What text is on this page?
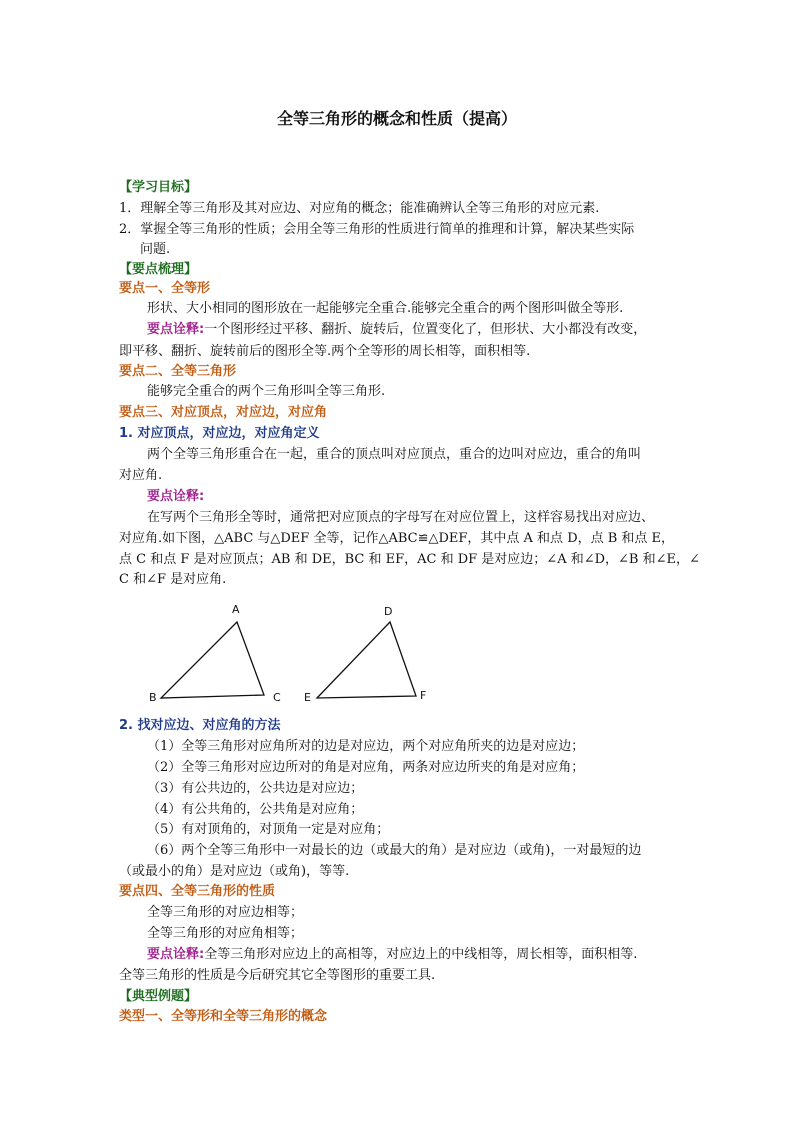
全等三角形的概念和性质（提高）
【学习目标】
1．理解全等三角形及其对应边、对应角的概念；能准确辨认全等三角形的对应元素.
2．掌握全等三角形的性质；会用全等三角形的性质进行简单的推理和计算，解决某些实际
问题.
【要点梳理】
要点一、全等形
形状、大小相同的图形放在一起能够完全重合.能够完全重合的两个图形叫做全等形.
要点诠释:一个图形经过平移、翻折、旋转后，位置变化了，但形状、大小都没有改变，
即平移、翻折、旋转前后的图形全等.两个全等形的周长相等，面积相等.
要点二、全等三角形
能够完全重合的两个三角形叫全等三角形.
要点三、对应顶点，对应边，对应角
1. 对应顶点，对应边，对应角定义
两个全等三角形重合在一起，重合的顶点叫对应顶点，重合的边叫对应边，重合的角叫
对应角.
要点诠释:
在写两个三角形全等时，通常把对应顶点的字母写在对应位置上，这样容易找出对应边、
对应角.如下图，△ABC 与△DEF 全等，记作△ABC≌△DEF，其中点 A 和点 D，点 B 和点 E，
点 C 和点 F 是对应顶点；AB 和 DE，BC 和 EF，AC 和 DF 是对应边；∠A 和∠D，∠B 和∠E，∠
C 和∠F 是对应角.
A
B	C
D
E	F
2. 找对应边、对应角的方法
（1）全等三角形对应角所对的边是对应边，两个对应角所夹的边是对应边；
（2）全等三角形对应边所对的角是对应角，两条对应边所夹的角是对应角；
（3）有公共边的，公共边是对应边；
（4）有公共角的，公共角是对应角；
（5）有对顶角的，对顶角一定是对应角；
（6）两个全等三角形中一对最长的边（或最大的角）是对应边（或角)，一对最短的边
（或最小的角）是对应边（或角)，等等.
要点四、全等三角形的性质
全等三角形的对应边相等；
全等三角形的对应角相等；
要点诠释:全等三角形对应边上的高相等，对应边上的中线相等，周长相等，面积相等.
全等三角形的性质是今后研究其它全等图形的重要工具.
【典型例题】
类型一、全等形和全等三角形的概念
